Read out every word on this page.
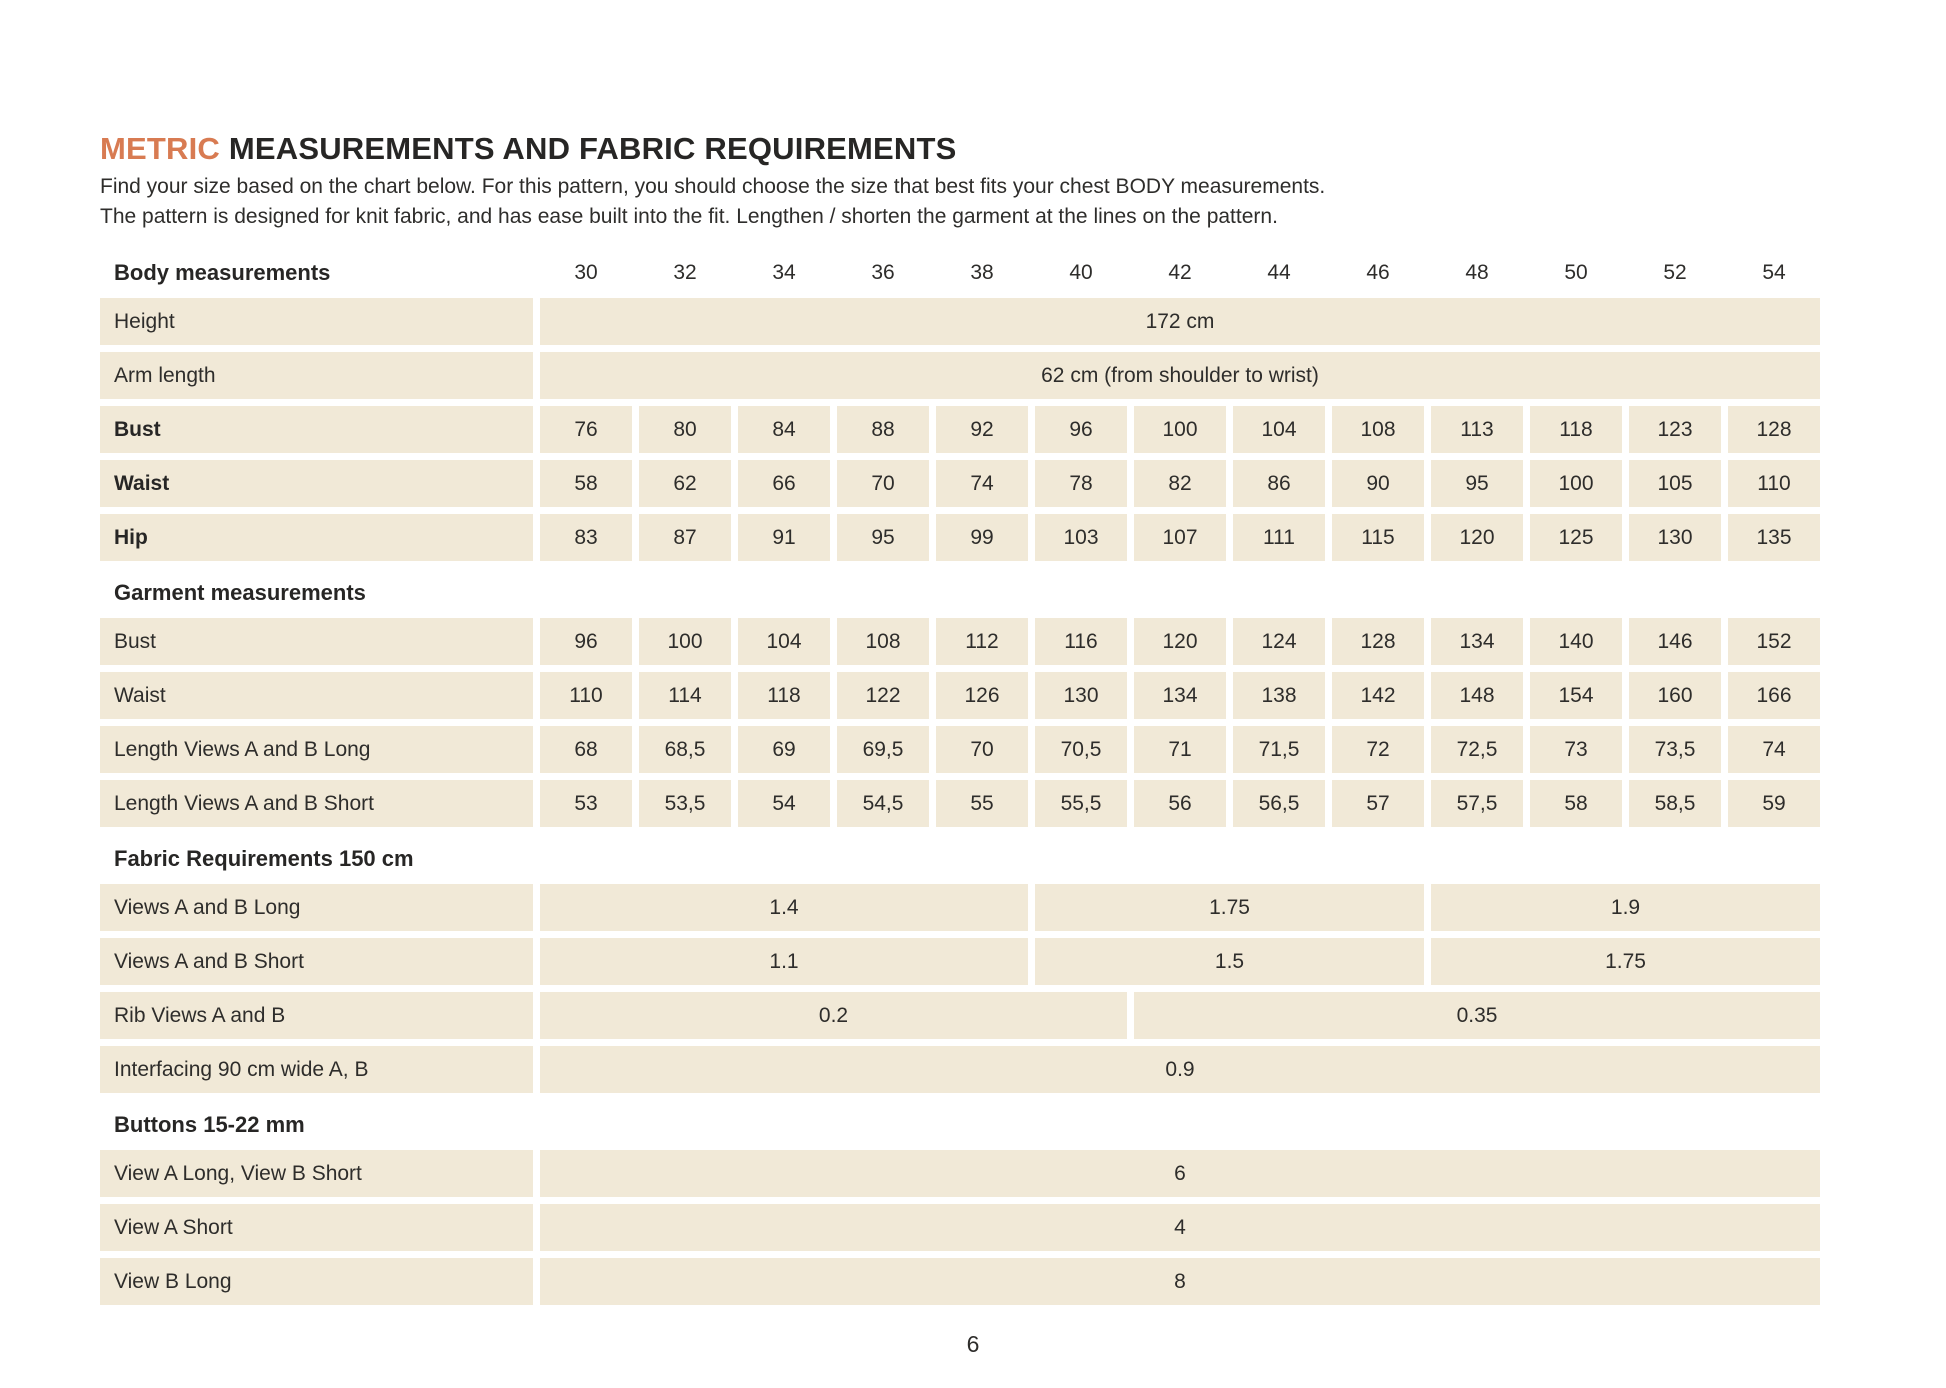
METRIC MEASUREMENTS AND FABRIC REQUIREMENTS
Find your size based on the chart below. For this pattern, you should choose the size that best fits your chest BODY measurements.
The pattern is designed for knit fabric, and has ease built into the fit. Lengthen / shorten the garment at the lines on the pattern.
Body measurements	30	32	34	36	38	40	42	44	46	48	50	52	54
Height	172 cm
Arm length	62 cm (from shoulder to wrist)
Bust	76	80	84	88	92	96	100	104	108	113	118	123	128
Waist	58	62	66	70	74	78	82	86	90	95	100	105	110
Hip	83	87	91	95	99	103	107	111	115	120	125	130	135
Garment measurements
Bust	96	100	104	108	112	116	120	124	128	134	140	146	152
Waist	110	114	118	122	126	130	134	138	142	148	154	160	166
Length Views A and B Long	68	68,5	69	69,5	70	70,5	71	71,5	72	72,5	73	73,5	74
Length Views A and B Short	53	53,5	54	54,5	55	55,5	56	56,5	57	57,5	58	58,5	59
Fabric Requirements 150 cm
Views A and B Long	1.4	1.75	1.9
Views A and B Short	1.1	1.5	1.75
Rib Views A and B	0.2	0.35
Interfacing 90 cm wide A, B	0.9
Buttons 15-22 mm
View A Long, View B Short	6
View A Short	4
View B Long	8
6
